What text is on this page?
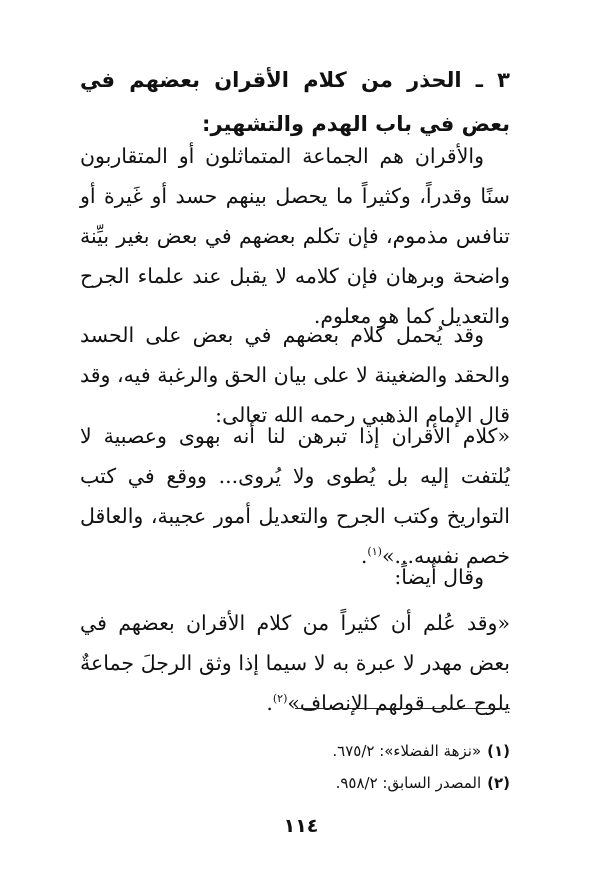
٣ ـ الحذر من كلام الأقران بعضهم في بعض في باب الهدم والتشهير:

والأقران هم الجماعة المتماثلون أو المتقاربون سنًا وقدراً، وكثيراً ما يحصل بينهم حسد أو غَيرة أو تنافس مذموم، فإن تكلم بعضهم في بعض بغير بيِّنة واضحة وبرهان فإن كلامه لا يقبل عند علماء الجرح والتعديل كما هو معلوم.

وقد يُحمل كلام بعضهم في بعض على الحسد والحقد والضغينة لا على بيان الحق والرغبة فيه، وقد قال الإمام الذهبي رحمه الله تعالى:

«كلام الأقران إذا تبرهن لنا أنه بهوى وعصبية لا يُلتفت إليه بل يُطوى ولا يُروى... ووقع في كتب التواريخ وكتب الجرح والتعديل أمور عجيبة، والعاقل خصم نفسه...»$^{(١)}$.

وقال أيضاً:

«وقد عُلم أن كثيراً من كلام الأقران بعضهم في بعض مهدر لا عبرة به لا سيما إذا وثق الرجلَ جماعةٌ يلوح على قولهم الإنصاف»$^{(٢)}$.

(١)«نزهة الفضلاء»: ٦٧٥/٢.
(٢)المصدر السابق: ٩٥٨/٢.
١١٤
